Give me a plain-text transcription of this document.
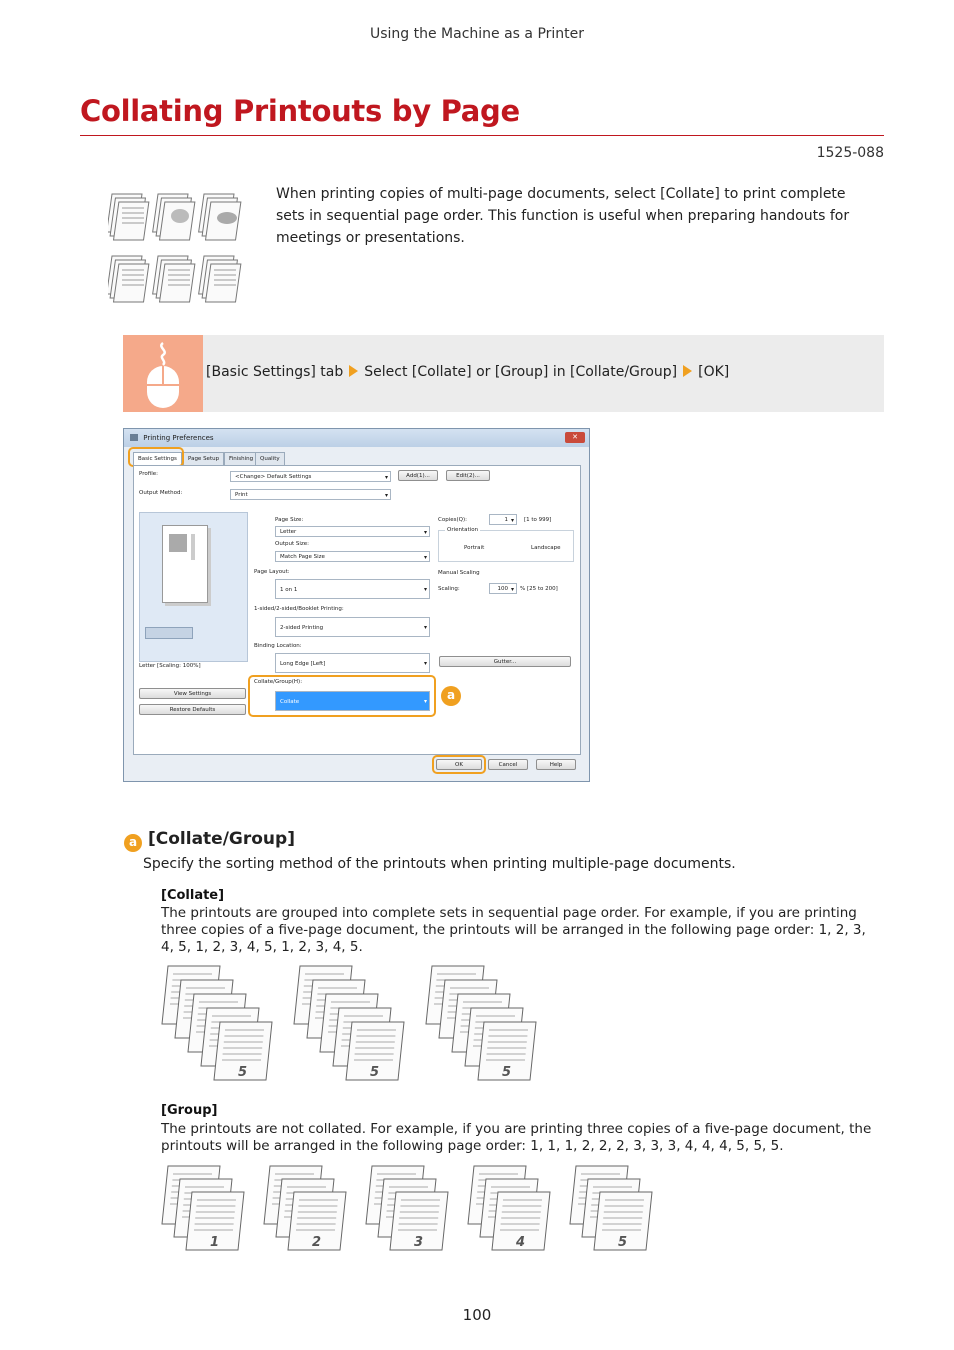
Using the Machine as a Printer
Collating Printouts by Page
1525-088
When printing copies of multi-page documents, select [Collate] to print complete sets in sequential page order. This function is useful when preparing handouts for meetings or presentations.
[Basic Settings] tab Select [Collate] or [Group] in [Collate/Group] [OK]
Printing Preferences	✕
Basic Settings	Page Setup	Finishing	Quality
Profile:	<Change> Default Settings ▾	Add(1)...	Edit(2)...
Output Method:	Print ▾
Letter [Scaling: 100%]
View Settings
Restore Defaults
Page Size:
Letter ▾
Output Size:
Match Page Size ▾
Page Layout:
1 on 1 ▾
1-sided/2-sided/Booklet Printing:
2-sided Printing ▾
Binding Location:
Long Edge [Left] ▾	Gutter...
Collate/Group(H):
Collate ▾	a
Copies(Q):	1 ▾	[1 to 999]
Orientation
Portrait	Landscape
Manual Scaling
Scaling:	100 ▾	% [25 to 200]
OK	Cancel	Help
a [Collate/Group]
Specify the sorting method of the printouts when printing multiple-page documents.
[Collate]
The printouts are grouped into complete sets in sequential page order. For example, if you are printing three copies of a five-page document, the printouts will be arranged in the following page order: 1, 2, 3, 4, 5, 1, 2, 3, 4, 5, 1, 2, 3, 4, 5.
5	5	5
[Group]
The printouts are not collated. For example, if you are printing three copies of a five-page document, the printouts will be arranged in the following page order: 1, 1, 1, 2, 2, 2, 3, 3, 3, 4, 4, 4, 5, 5, 5.
1	2	3	4	5
100
